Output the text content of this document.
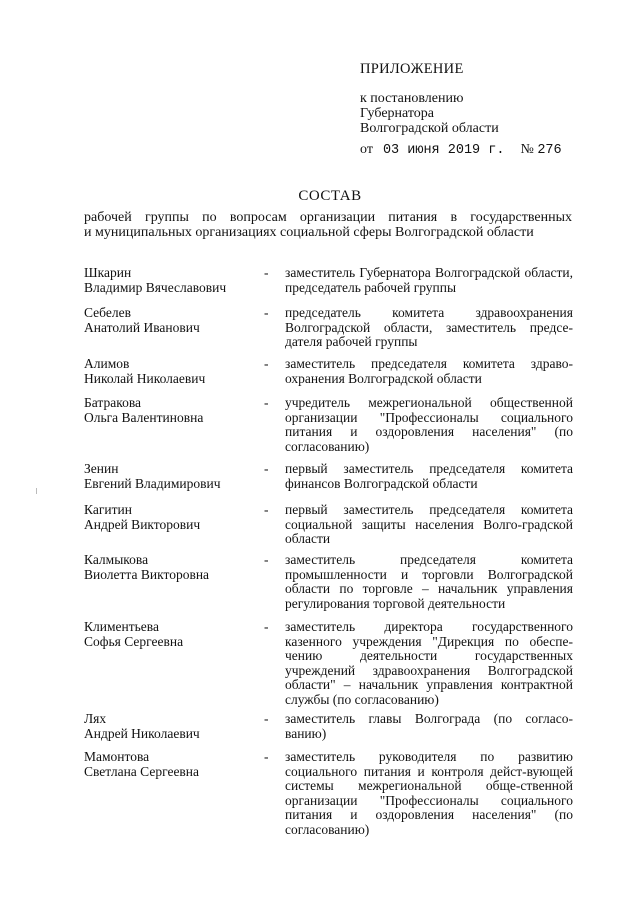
ПРИЛОЖЕНИЕ
к постановлению
Губернатора
Волгоградской области
от 03 июня 2019 г. № 276
СОСТАВ
рабочей группы по вопросам организации питания в государственных
и муниципальных организациях социальной сферы Волгоградской области
Шкарин
Владимир Вячеславович
- заместитель Губернатора Волгоградской области, председатель рабочей группы
Себелев
Анатолий Иванович
- председатель комитета здравоохранения Волгоградской области, заместитель предсе-дателя рабочей группы
Алимов
Николай Николаевич
- заместитель председателя комитета здраво-охранения Волгоградской области
Батракова
Ольга Валентиновна
- учредитель межрегиональной общественной организации "Профессионалы социального питания и оздоровления населения" (по согласованию)
Зенин
Евгений Владимирович
- первый заместитель председателя комитета финансов Волгоградской области
Кагитин
Андрей Викторович
- первый заместитель председателя комитета социальной защиты населения Волго-градской области
Калмыкова
Виолетта Викторовна
- заместитель председателя комитета промышленности и торговли Волгоградской области по торговле – начальник управления регулирования торговой деятельности
Климентьева
Софья Сергеевна
- заместитель директора государственного казенного учреждения "Дирекция по обеспе-чению деятельности государственных учреждений здравоохранения Волгоградской области" – начальник управления контрактной службы (по согласованию)
Лях
Андрей Николаевич
- заместитель главы Волгограда (по согласо-ванию)
Мамонтова
Светлана Сергеевна
- заместитель руководителя по развитию социального питания и контроля дейст-вующей системы межрегиональной обще-ственной организации "Профессионалы социального питания и оздоровления населения" (по согласованию)
